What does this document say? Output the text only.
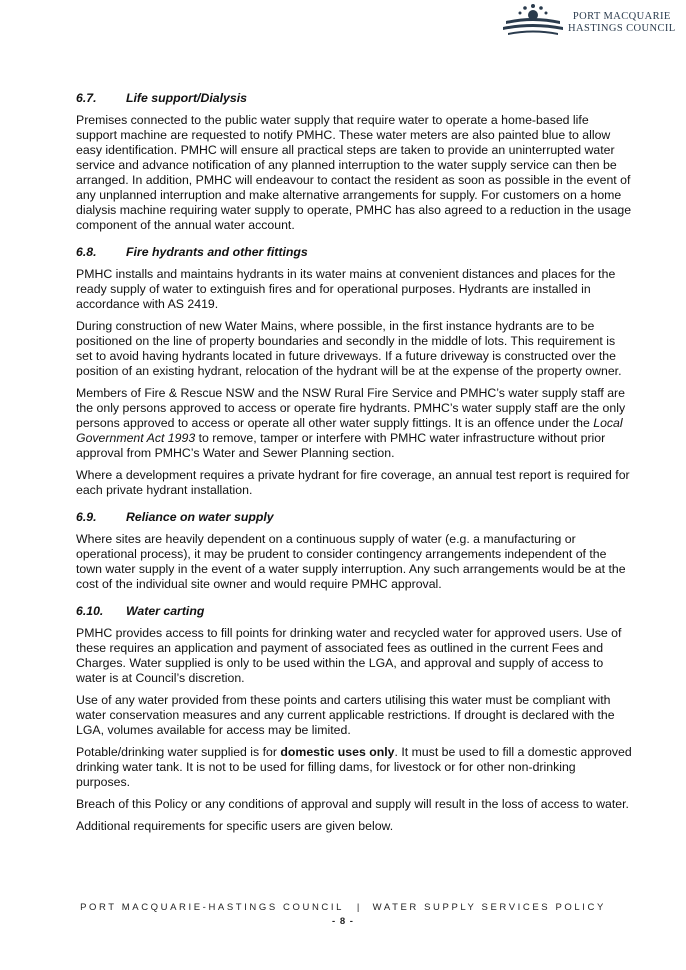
PORT MACQUARIE
HASTINGS COUNCIL
6.7. Life support/Dialysis

Premises connected to the public water supply that require water to operate a home-based life support machine are requested to notify PMHC. These water meters are also painted blue to allow easy identification. PMHC will ensure all practical steps are taken to provide an uninterrupted water service and advance notification of any planned interruption to the water supply service can then be arranged. In addition, PMHC will endeavour to contact the resident as soon as possible in the event of any unplanned interruption and make alternative arrangements for supply. For customers on a home dialysis machine requiring water supply to operate, PMHC has also agreed to a reduction in the usage component of the annual water account.

6.8. Fire hydrants and other fittings

PMHC installs and maintains hydrants in its water mains at convenient distances and places for the ready supply of water to extinguish fires and for operational purposes. Hydrants are installed in accordance with AS 2419.

During construction of new Water Mains, where possible, in the first instance hydrants are to be positioned on the line of property boundaries and secondly in the middle of lots. This requirement is set to avoid having hydrants located in future driveways. If a future driveway is constructed over the position of an existing hydrant, relocation of the hydrant will be at the expense of the property owner.

Members of Fire & Rescue NSW and the NSW Rural Fire Service and PMHC’s water supply staff are the only persons approved to access or operate fire hydrants. PMHC’s water supply staff are the only persons approved to access or operate all other water supply fittings. It is an offence under the Local Government Act 1993 to remove, tamper or interfere with PMHC water infrastructure without prior approval from PMHC’s Water and Sewer Planning section.

Where a development requires a private hydrant for fire coverage, an annual test report is required for each private hydrant installation.

6.9. Reliance on water supply

Where sites are heavily dependent on a continuous supply of water (e.g. a manufacturing or operational process), it may be prudent to consider contingency arrangements independent of the town water supply in the event of a water supply interruption. Any such arrangements would be at the cost of the individual site owner and would require PMHC approval.

6.10. Water carting

PMHC provides access to fill points for drinking water and recycled water for approved users. Use of these requires an application and payment of associated fees as outlined in the current Fees and Charges. Water supplied is only to be used within the LGA, and approval and supply of access to water is at Council’s discretion.

Use of any water provided from these points and carters utilising this water must be compliant with water conservation measures and any current applicable restrictions. If drought is declared with the LGA, volumes available for access may be limited.

Potable/drinking water supplied is for domestic uses only. It must be used to fill a domestic approved drinking water tank. It is not to be used for filling dams, for livestock or for other non-drinking purposes.

Breach of this Policy or any conditions of approval and supply will result in the loss of access to water.

Additional requirements for specific users are given below.

PORT MACQUARIE-HASTINGS COUNCIL | WATER SUPPLY SERVICES POLICY
- 8 -
